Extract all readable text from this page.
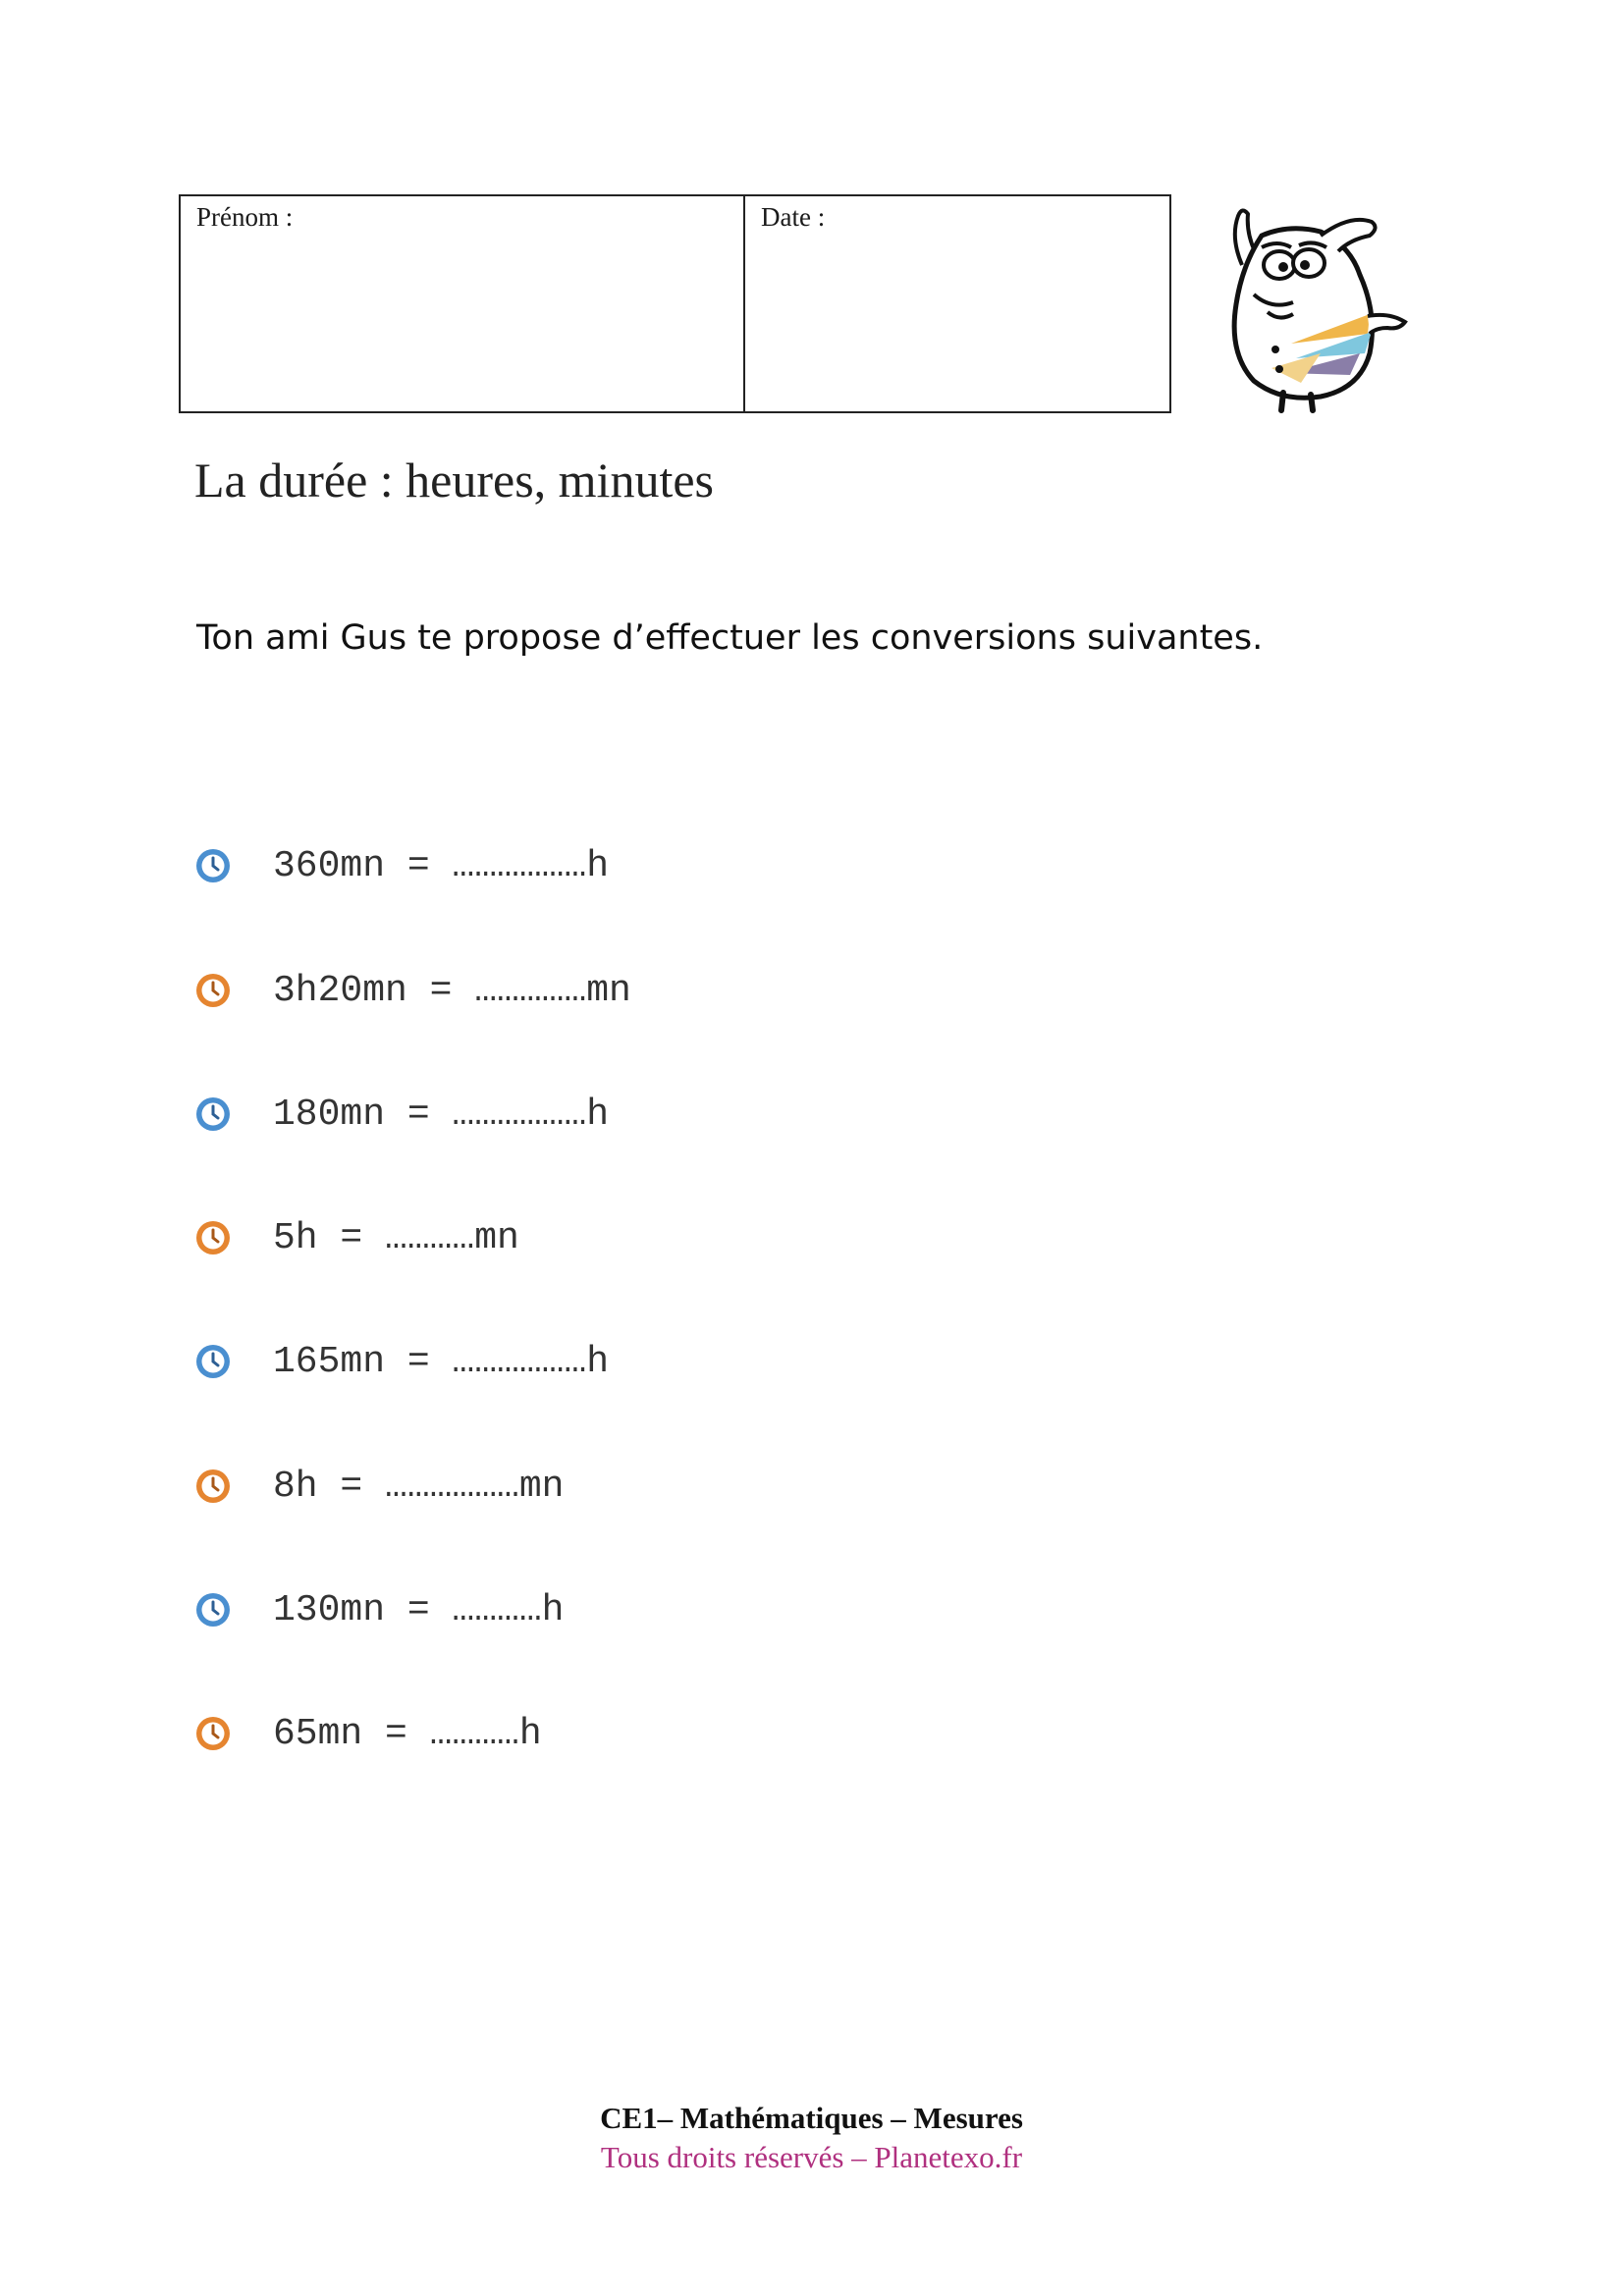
Prénom :	Date :
La durée : heures, minutes
Ton ami Gus te propose d’effectuer les conversions suivantes.
360mn = ………………h
3h20mn = ……………mn
180mn = ………………h
5h = …………mn
165mn = ………………h
8h = ………………mn
130mn = …………h
65mn = …………h
CE1– Mathématiques – Mesures
Tous droits réservés – Planetexo.fr
